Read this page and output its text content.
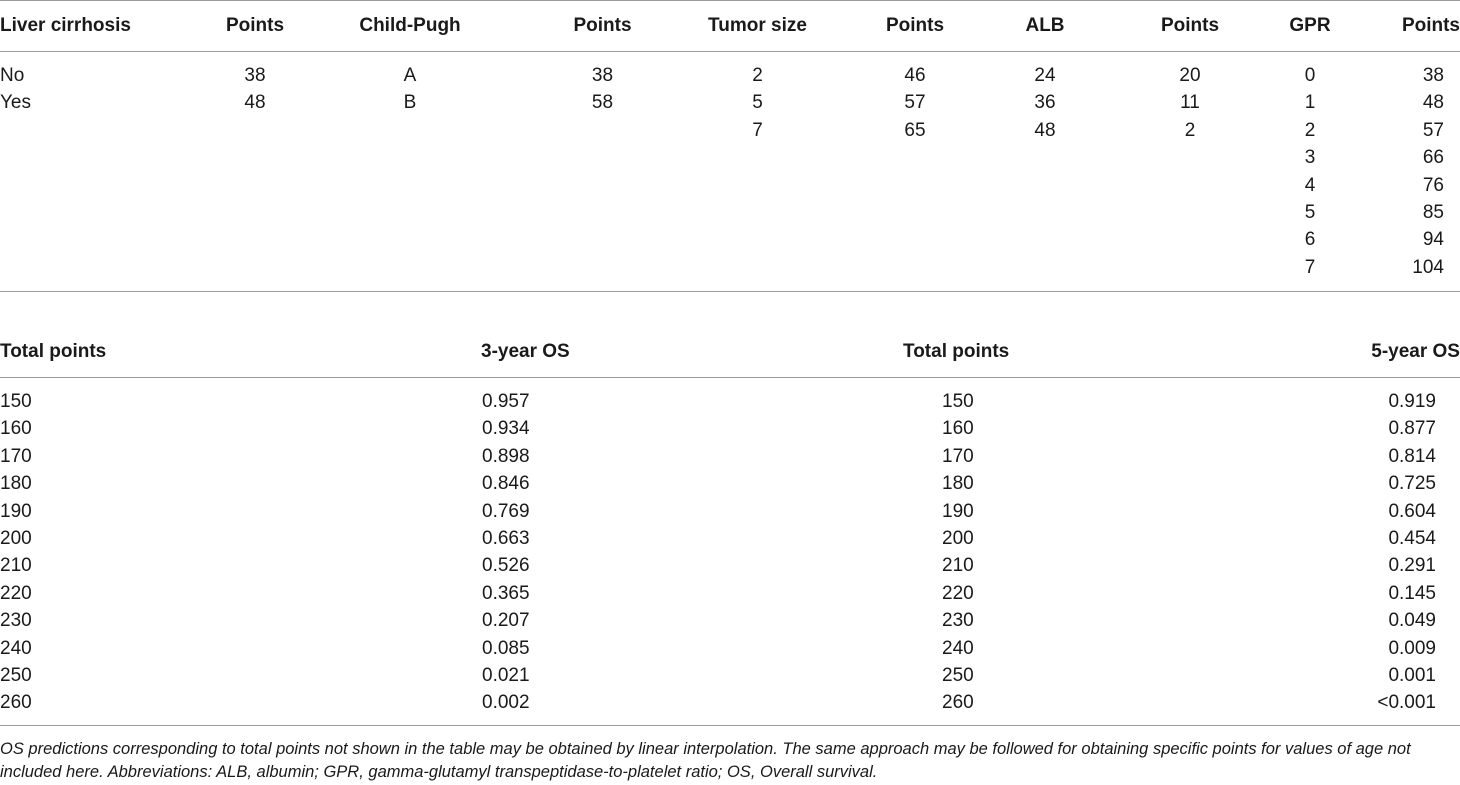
Liver cirrhosis	Points	Child-Pugh	Points	Tumor size	Points	ALB	Points	GPR	Points
No	38	A	38	2	46	24	20	0	38
Yes	48	B	58	5	57	36	11	1	48
				7	65	48	2	2	57
								3	66
								4	76
								5	85
								6	94
								7	104
Total points	3-year OS	Total points	5-year OS
150	0.957	150	0.919
160	0.934	160	0.877
170	0.898	170	0.814
180	0.846	180	0.725
190	0.769	190	0.604
200	0.663	200	0.454
210	0.526	210	0.291
220	0.365	220	0.145
230	0.207	230	0.049
240	0.085	240	0.009
250	0.021	250	0.001
260	0.002	260	<0.001

OS predictions corresponding to total points not shown in the table may be obtained by linear interpolation. The same approach may be followed for obtaining specific points for values of age not included here. Abbreviations: ALB, albumin; GPR, gamma-glutamyl transpeptidase-to-platelet ratio; OS, Overall survival.
